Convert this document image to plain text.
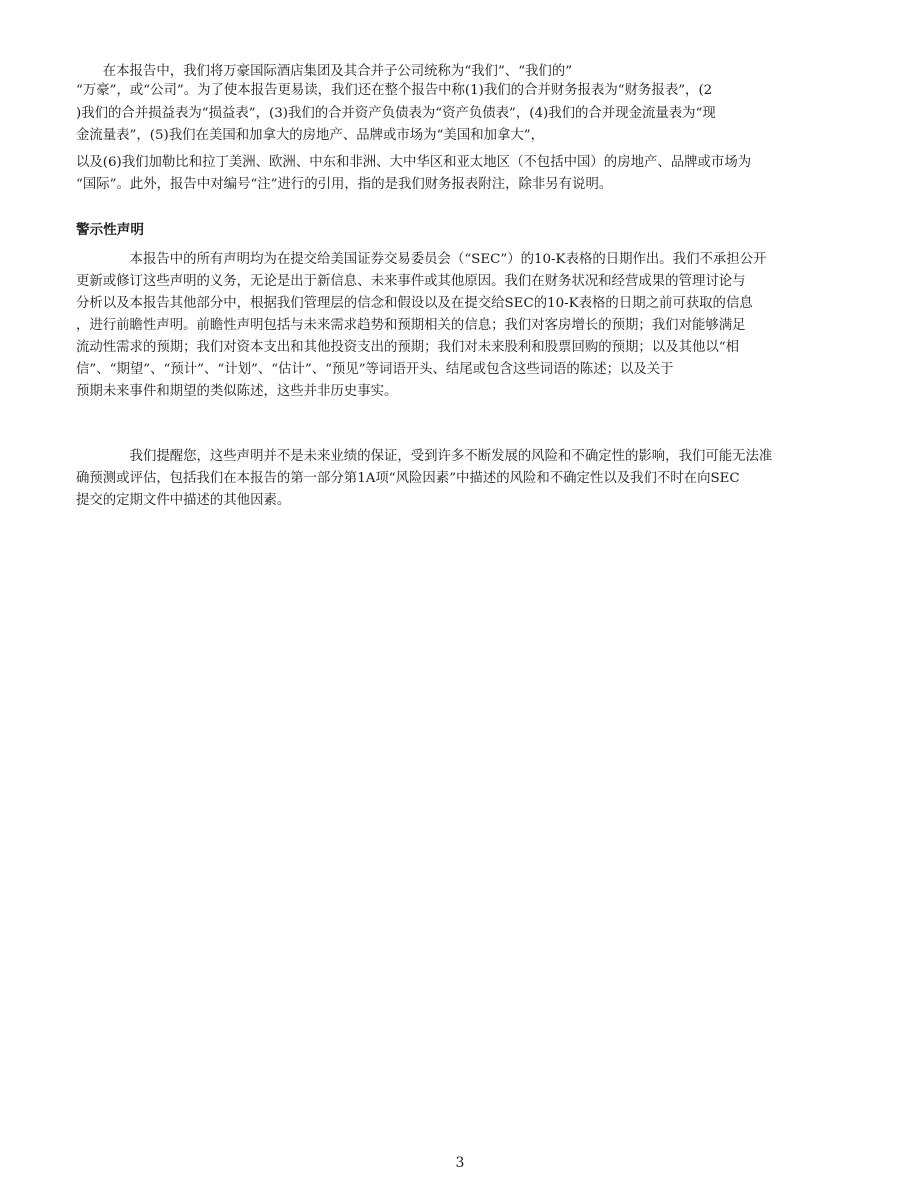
　　在本报告中，我们将万豪国际酒店集团及其合并子公司统称为“我们”、“我们的”
“万豪”，或“公司”。为了使本报告更易读，我们还在整个报告中称(1)我们的合并财务报表为“财务报表”，(2
)我们的合并损益表为“损益表”，(3)我们的合并资产负债表为“资产负债表”，(4)我们的合并现金流量表为“现
金流量表”，(5)我们在美国和加拿大的房地产、品牌或市场为“美国和加拿大”，
以及(6)我们加勒比和拉丁美洲、欧洲、中东和非洲、大中华区和亚太地区（不包括中国）的房地产、品牌或市场为
“国际”。此外，报告中对编号“注”进行的引用，指的是我们财务报表附注，除非另有说明。
警示性声明
　　　　本报告中的所有声明均为在提交给美国证券交易委员会（“SEC”）的10-K表格的日期作出。我们不承担公开
更新或修订这些声明的义务，无论是出于新信息、未来事件或其他原因。我们在财务状况和经营成果的管理讨论与
分析以及本报告其他部分中，根据我们管理层的信念和假设以及在提交给SEC的10-K表格的日期之前可获取的信息
，进行前瞻性声明。前瞻性声明包括与未来需求趋势和预期相关的信息；我们对客房增长的预期；我们对能够满足
流动性需求的预期；我们对资本支出和其他投资支出的预期；我们对未来股利和股票回购的预期；以及其他以“相
信”、“期望”、“预计”、“计划”、“估计”、“预见”等词语开头、结尾或包含这些词语的陈述；以及关于
预期未来事件和期望的类似陈述，这些并非历史事实。
　　　　我们提醒您，这些声明并不是未来业绩的保证，受到许多不断发展的风险和不确定性的影响，我们可能无法准
确预测或评估，包括我们在本报告的第一部分第1A项“风险因素”中描述的风险和不确定性以及我们不时在向SEC
提交的定期文件中描述的其他因素。
3
